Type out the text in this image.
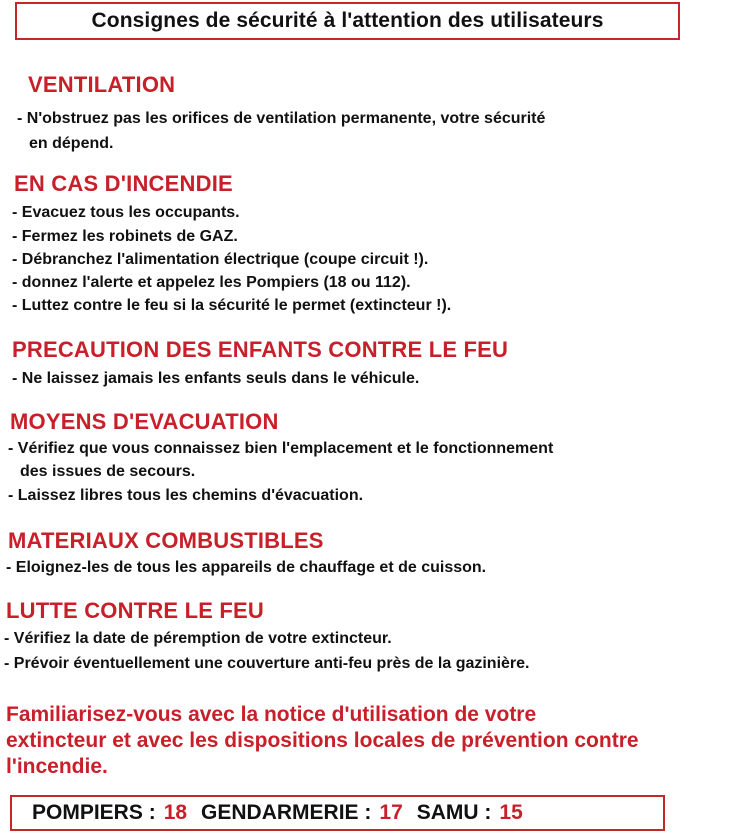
Consignes de sécurité à l'attention des utilisateurs
VENTILATION
- N'obstruez pas les orifices de ventilation permanente, votre sécurité
en dépend.
EN CAS D'INCENDIE
- Evacuez tous les occupants.
- Fermez les robinets de GAZ.
- Débranchez l'alimentation électrique (coupe circuit !).
- donnez l'alerte et appelez les Pompiers (18 ou 112).
- Luttez contre le feu si la sécurité le permet (extincteur !).
PRECAUTION DES ENFANTS CONTRE LE FEU
- Ne laissez jamais les enfants seuls dans le véhicule.
MOYENS D'EVACUATION
- Vérifiez que vous connaissez bien l'emplacement et le fonctionnement
des issues de secours.
- Laissez libres tous les chemins d'évacuation.
MATERIAUX COMBUSTIBLES
- Eloignez-les de tous les appareils de chauffage et de cuisson.
LUTTE CONTRE LE FEU
- Vérifiez la date de péremption de votre extincteur.
- Prévoir éventuellement une couverture anti-feu près de la gazinière.
Familiarisez-vous avec la notice d'utilisation de votre
extincteur et avec les dispositions locales de prévention contre
l'incendie.
POMPIERS : 18 GENDARMERIE : 17 SAMU : 15
